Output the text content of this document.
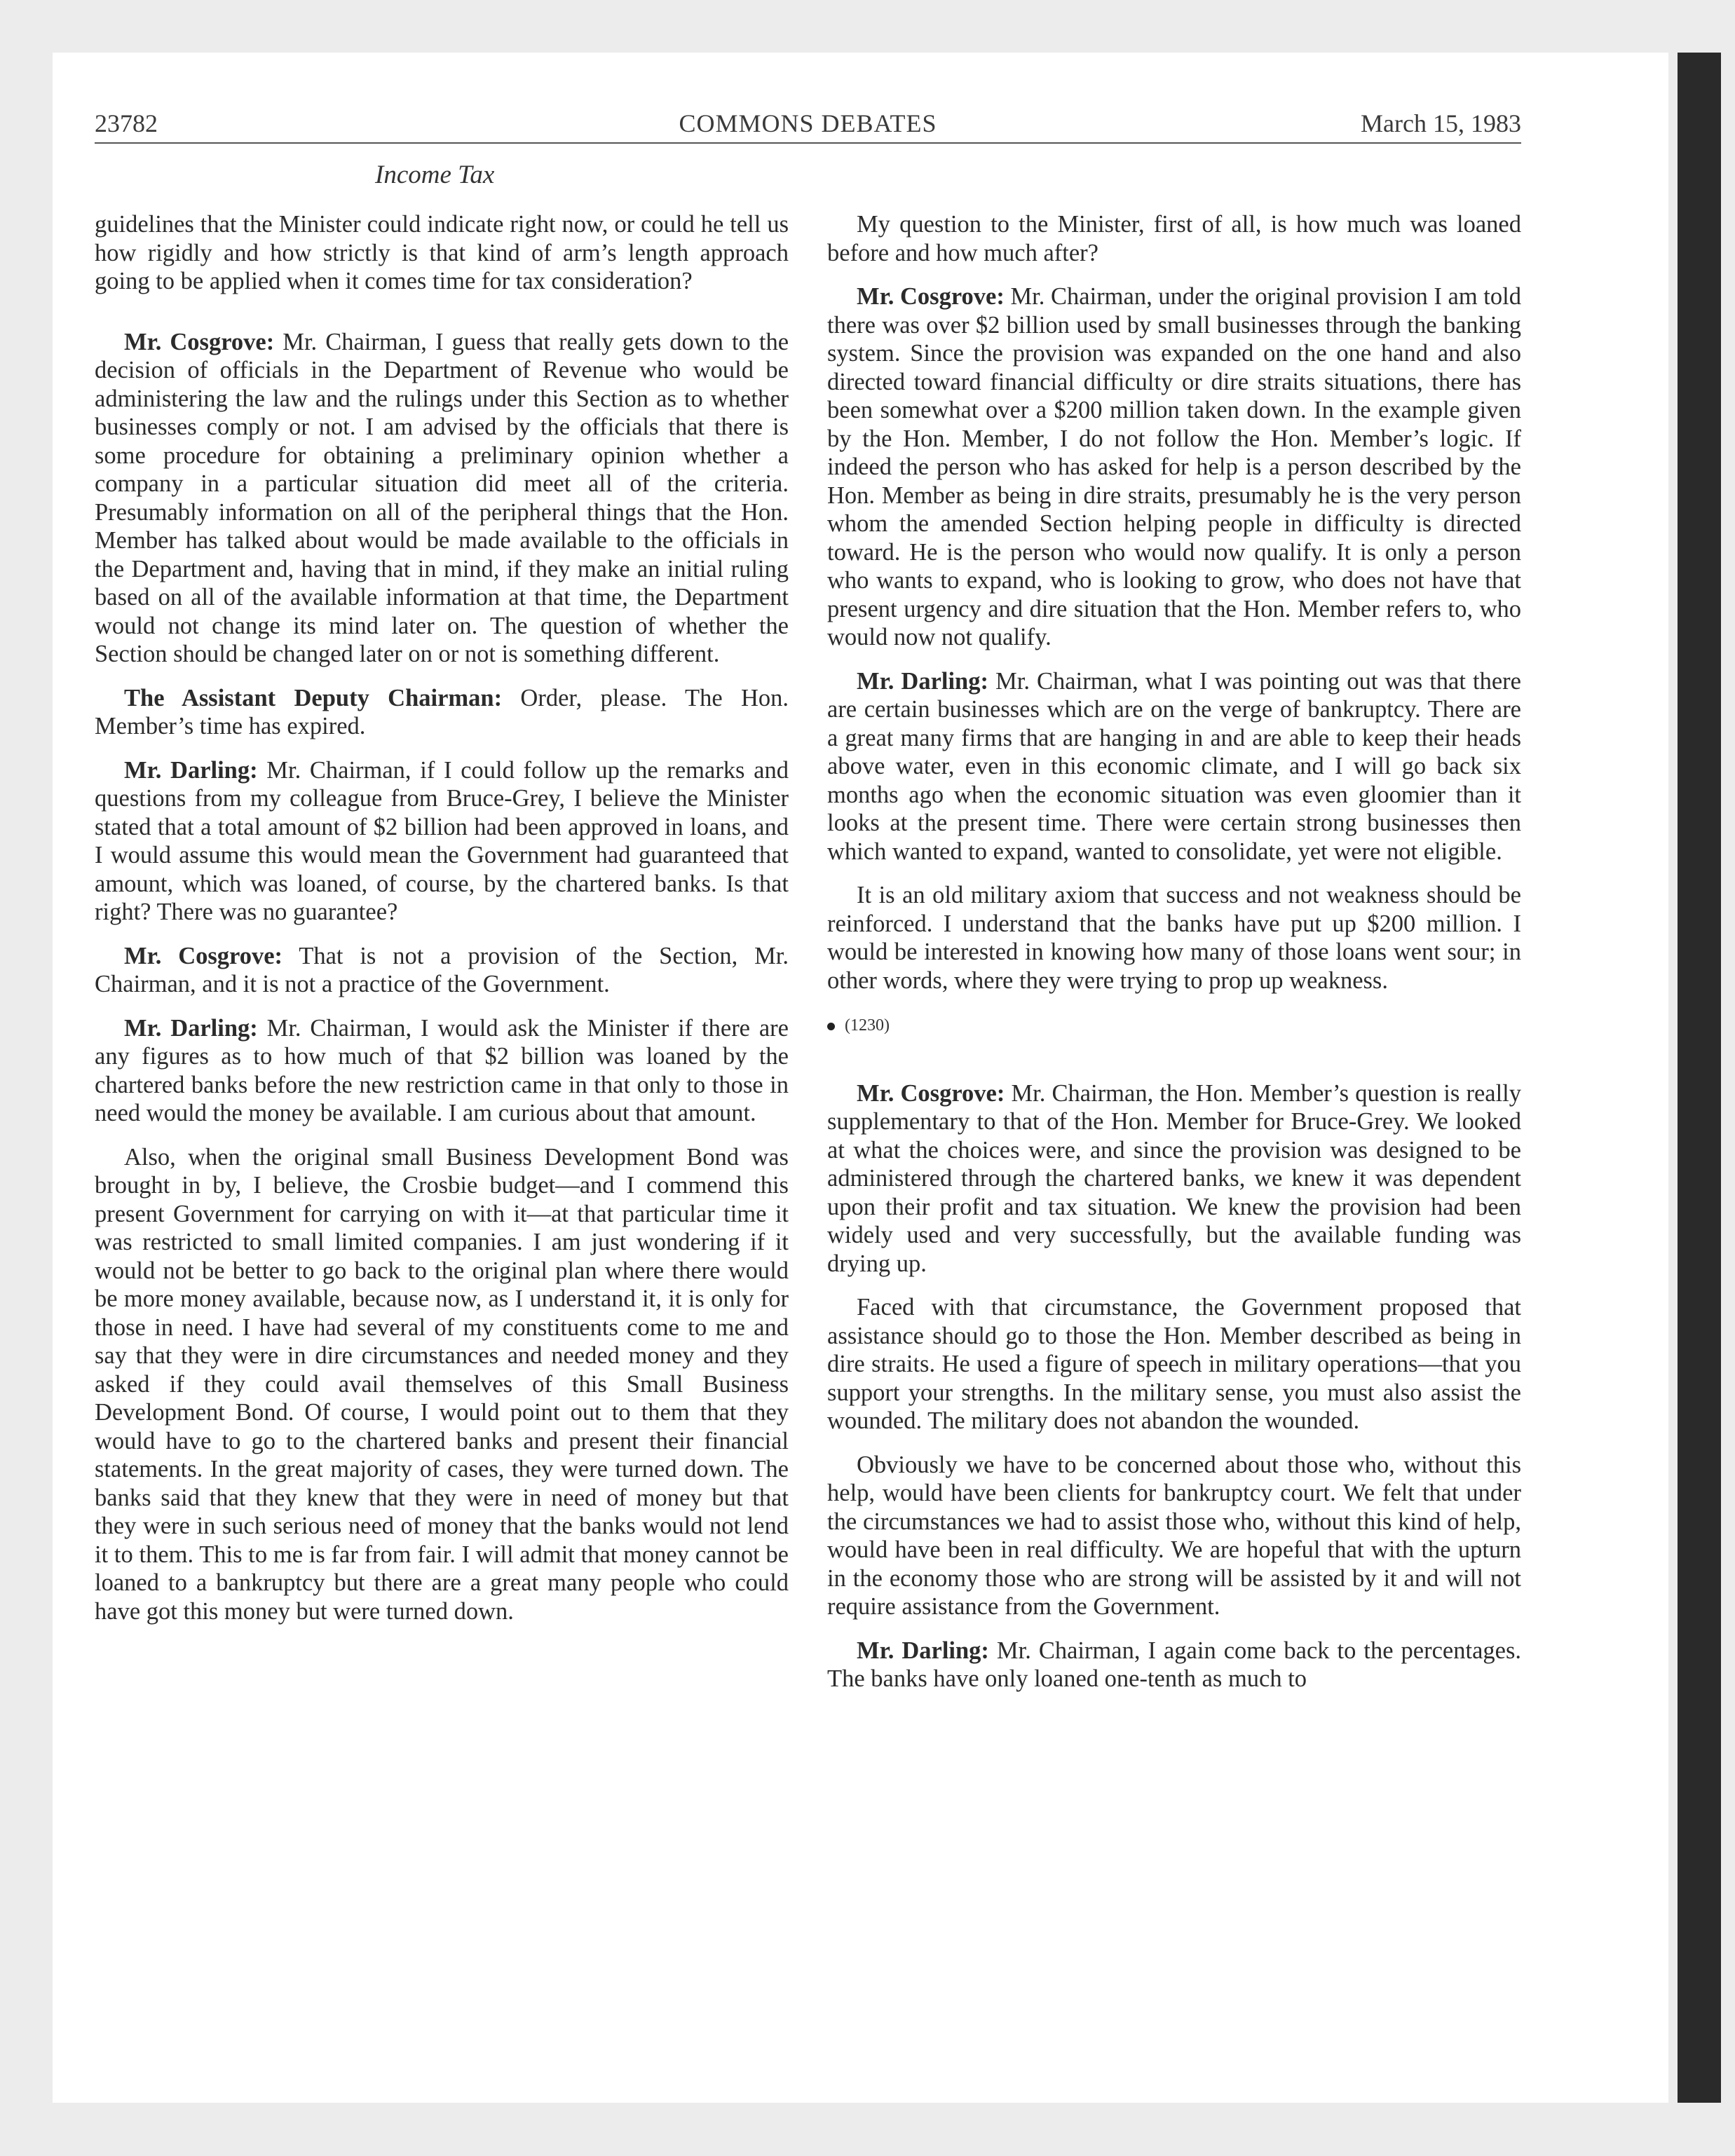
23782	COMMONS DEBATES	March 15, 1983
Income Tax

guidelines that the Minister could indicate right now, or could he tell us how rigidly and how strictly is that kind of arm’s length approach going to be applied when it comes time for tax consideration?

Mr. Cosgrove: Mr. Chairman, I guess that really gets down to the decision of officials in the Department of Revenue who would be administering the law and the rulings under this Section as to whether businesses comply or not. I am advised by the officials that there is some procedure for obtaining a preliminary opinion whether a company in a particular situation did meet all of the criteria. Presumably information on all of the peripheral things that the Hon. Member has talked about would be made available to the officials in the Department and, having that in mind, if they make an initial ruling based on all of the available information at that time, the Department would not change its mind later on. The question of whether the Section should be changed later on or not is something different.

The Assistant Deputy Chairman: Order, please. The Hon. Member’s time has expired.

Mr. Darling: Mr. Chairman, if I could follow up the remarks and questions from my colleague from Bruce-Grey, I believe the Minister stated that a total amount of $2 billion had been approved in loans, and I would assume this would mean the Government had guaranteed that amount, which was loaned, of course, by the chartered banks. Is that right? There was no guarantee?

Mr. Cosgrove: That is not a provision of the Section, Mr. Chairman, and it is not a practice of the Government.

Mr. Darling: Mr. Chairman, I would ask the Minister if there are any figures as to how much of that $2 billion was loaned by the chartered banks before the new restriction came in that only to those in need would the money be available. I am curious about that amount.

Also, when the original small Business Development Bond was brought in by, I believe, the Crosbie budget—and I commend this present Government for carrying on with it—at that particular time it was restricted to small limited companies. I am just wondering if it would not be better to go back to the original plan where there would be more money available, because now, as I understand it, it is only for those in need. I have had several of my constituents come to me and say that they were in dire circumstances and needed money and they asked if they could avail themselves of this Small Business Development Bond. Of course, I would point out to them that they would have to go to the chartered banks and present their financial statements. In the great majority of cases, they were turned down. The banks said that they knew that they were in need of money but that they were in such serious need of money that the banks would not lend it to them. This to me is far from fair. I will admit that money cannot be loaned to a bankruptcy but there are a great many people who could have got this money but were turned down.

My question to the Minister, first of all, is how much was loaned before and how much after?

Mr. Cosgrove: Mr. Chairman, under the original provision I am told there was over $2 billion used by small businesses through the banking system. Since the provision was expanded on the one hand and also directed toward financial difficulty or dire straits situations, there has been somewhat over a $200 million taken down. In the example given by the Hon. Member, I do not follow the Hon. Member’s logic. If indeed the person who has asked for help is a person described by the Hon. Member as being in dire straits, presumably he is the very person whom the amended Section helping people in difficulty is directed toward. He is the person who would now qualify. It is only a person who wants to expand, who is looking to grow, who does not have that present urgency and dire situation that the Hon. Member refers to, who would now not qualify.

Mr. Darling: Mr. Chairman, what I was pointing out was that there are certain businesses which are on the verge of bankruptcy. There are a great many firms that are hanging in and are able to keep their heads above water, even in this economic climate, and I will go back six months ago when the economic situation was even gloomier than it looks at the present time. There were certain strong businesses then which wanted to expand, wanted to consolidate, yet were not eligible.

It is an old military axiom that success and not weakness should be reinforced. I understand that the banks have put up $200 million. I would be interested in knowing how many of those loans went sour; in other words, where they were trying to prop up weakness.

(1230)

Mr. Cosgrove: Mr. Chairman, the Hon. Member’s question is really supplementary to that of the Hon. Member for Bruce-Grey. We looked at what the choices were, and since the provision was designed to be administered through the chartered banks, we knew it was dependent upon their profit and tax situation. We knew the provision had been widely used and very successfully, but the available funding was drying up.

Faced with that circumstance, the Government proposed that assistance should go to those the Hon. Member described as being in dire straits. He used a figure of speech in military operations—that you support your strengths. In the military sense, you must also assist the wounded. The military does not abandon the wounded.

Obviously we have to be concerned about those who, without this help, would have been clients for bankruptcy court. We felt that under the circumstances we had to assist those who, without this kind of help, would have been in real difficulty. We are hopeful that with the upturn in the economy those who are strong will be assisted by it and will not require assistance from the Government.

Mr. Darling: Mr. Chairman, I again come back to the percentages. The banks have only loaned one-tenth as much to
